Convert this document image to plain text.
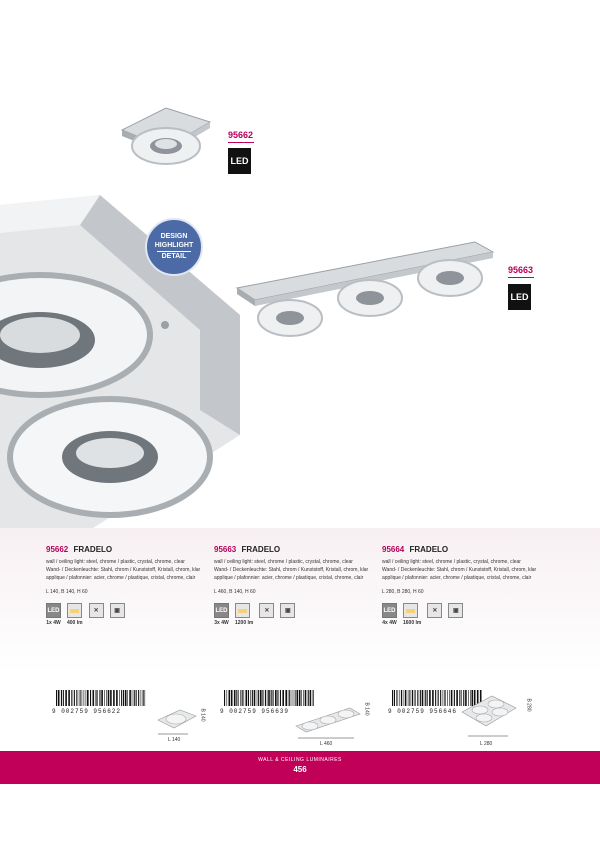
95662
LED
DESIGN
HIGHLIGHT
DETAIL
95663
LED
95662 FRADELO

wall / ceiling light: steel, chrome / plastic, crystal, chrome, clear

Wand- / Deckenleuchte: Stahl, chrom / Kunststoff, Kristall, chrom, klar

applique / plafonnier: acier, chrome / plastique, cristal, chrome, clair

L 140, B 140, H 60
LED
1x 4W 400 lm
✕	▣
95663 FRADELO

wall / ceiling light: steel, chrome / plastic, crystal, chrome, clear

Wand- / Deckenleuchte: Stahl, chrom / Kunststoff, Kristall, chrom, klar

applique / plafonnier: acier, chrome / plastique, cristal, chrome, clair

L 460, B 140, H 60
LED
3x 4W 1200 lm
✕	▣
95664 FRADELO

wall / ceiling light: steel, chrome / plastic, crystal, chrome, clear

Wand- / Deckenleuchte: Stahl, chrom / Kunststoff, Kristall, chrom, klar

applique / plafonnier: acier, chrome / plastique, cristal, chrome, clair

L 280, B 280, H 60
LED
4x 4W 1600 lm
✕	▣
9 002759 956622	9 002759 956639	9 002759 956646
L 140
B 140
L 460
B 140
L 280
B 280
WALL & CEILING LUMINAIRES
456
